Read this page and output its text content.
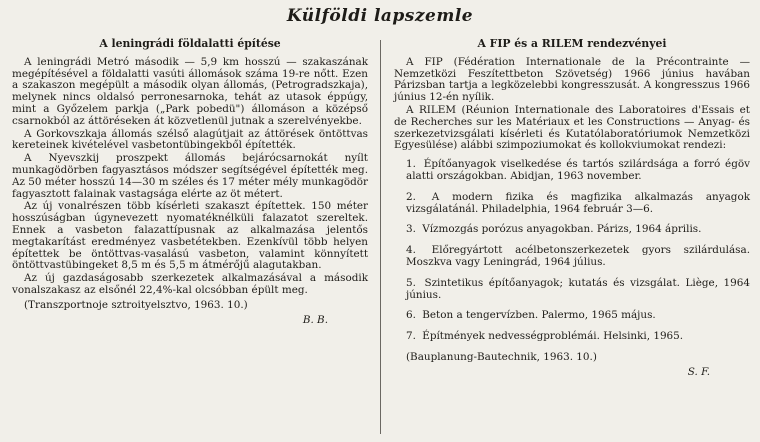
Külföldi lapszemle
A leningrádi földalatti építése

A leningrádi Metró második — 5,9 km hosszú — szakaszának megépítésével a földalatti vasúti állomások száma 19-re nőtt. Ezen a szakaszon megépült a második olyan állomás, (Petrogradszkaja), melynek nincs oldalsó perronesarnoka, tehát az utasok éppúgy, mint a Győzelem parkja („Park pobedü") állomáson a középső csarnokból az áttöréseken át közvetlenül jutnak a szerelvényekbe.

A Gorkovszkaja állomás szélső alagútjait az áttörések öntöttvas kereteinek kivételével vasbetontübingekből építették.

A Nyevszkij proszpekt állomás bejárócsarnokát nyílt munkagödörben fagyasztásos módszer segítségével építették meg. Az 50 méter hosszú 14—30 m széles és 17 méter mély munkagödör fagyasztott falainak vastagsága elérte az öt métert.

Az új vonalrészen több kísérleti szakaszt építettek. 150 méter hosszúságban úgynevezett nyomatéknélküli falazatot szereltek. Ennek a vasbeton falazattípusnak az alkalmazása jelentős megtakarítást eredményez vasbetétekben. Ezenkívül több helyen építettek be öntöttvas-vasalású vasbeton, valamint könnyített öntöttvastübingeket 8,5 m és 5,5 m átmérőjű alagutakban.

Az új gazdaságosabb szerkezetek alkalmazásával a második vonalszakasz az elsőnél 22,4%-kal olcsóbban épült meg.

(Transzportnoje sztroityelsztvo, 1963. 10.)
B. B.
A FIP és a RILEM rendezvényei

A FIP (Fédération Internationale de la Précontrainte — Nemzetközi Feszítettbeton Szövetség) 1966 június havában Párizsban tartja a legközelebbi kongresszusát. A kongresszus 1966 június 12-én nyílik.

A RILEM (Réunion Internationale des Laboratoires d'Essais et de Recherches sur les Matériaux et les Constructions — Anyag- és szerkezetvizsgálati kísérleti és Kutatólaboratóriumok Nemzetközi Egyesülése) alábbi szimpoziumokat és kollokviumokat rendezi:

1. Építőanyagok viselkedése és tartós szilárdsága a forró égöv alatti országokban. Abidjan, 1963 november.
2. A modern fizika és magfizika alkalmazás anyagok vizsgálatánál. Philadelphia, 1964 február 3—6.
3. Vízmozgás porózus anyagokban. Párizs, 1964 április.
4. Előregyártott acélbetonszerkezetek gyors szilárdulása. Moszkva vagy Leningrád, 1964 július.
5. Szintetikus építőanyagok; kutatás és vizsgálat. Liège, 1964 június.
6. Beton a tengervízben. Palermo, 1965 május.
7. Építmények nedvességproblémái. Helsinki, 1965.
(Bauplanung-Bautechnik, 1963. 10.)
S. F.
